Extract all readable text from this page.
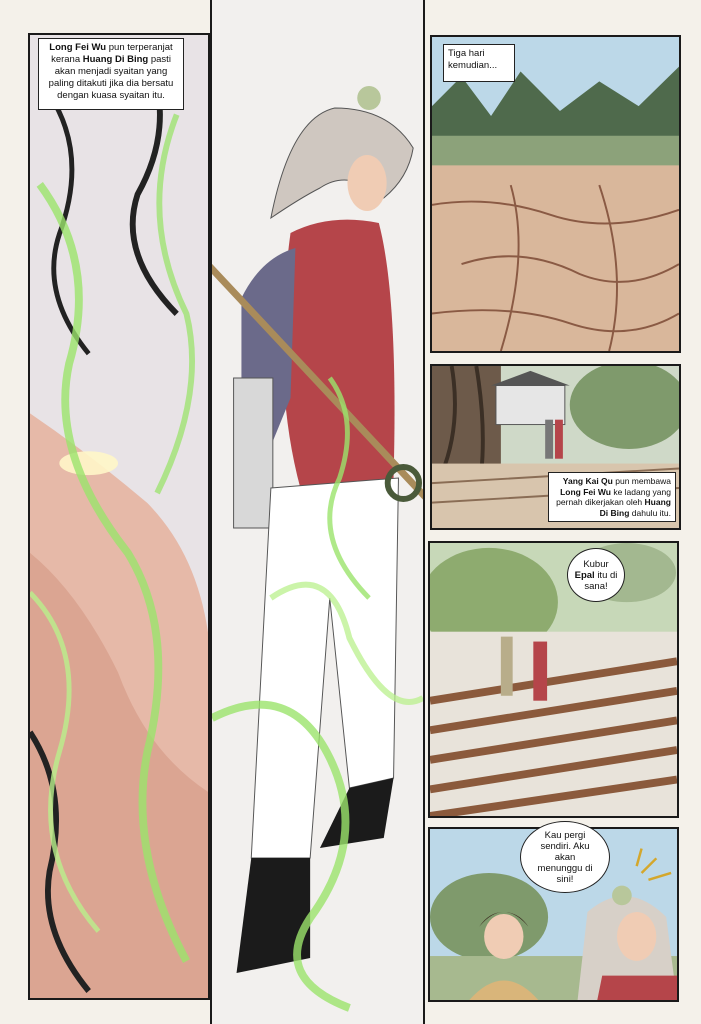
Long Fei Wu pun terperanjat kerana Huang Di Bing pasti akan menjadi syaitan yang paling ditakuti jika dia bersatu dengan kuasa syaitan itu.
Tiga hari kemudian...
Yang Kai Qu pun membawa Long Fei Wu ke ladang yang pernah dikerjakan oleh Huang Di Bing dahulu itu.
Kubur
Epal itu di
sana!
Kau pergi sendiri. Aku akan menunggu di sini!
